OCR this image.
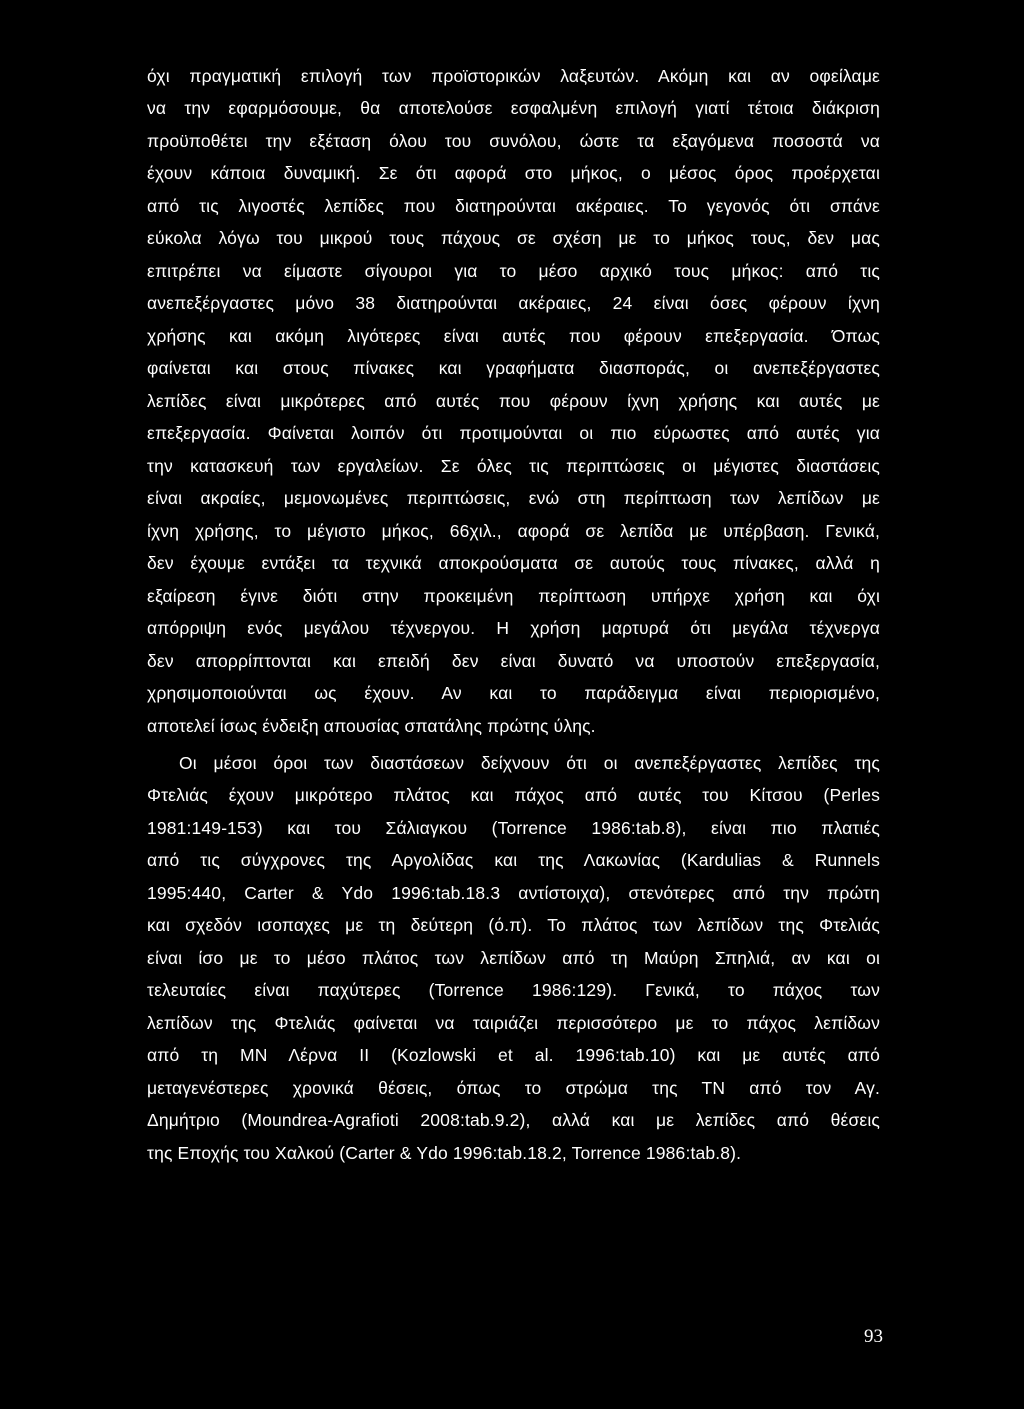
όχι πραγματική επιλογή των προϊστορικών λαξευτών. Ακόμη και αν οφείλαμε
να την εφαρμόσουμε, θα αποτελούσε εσφαλμένη επιλογή γιατί τέτοια διάκριση
προϋποθέτει την εξέταση όλου του συνόλου, ώστε τα εξαγόμενα ποσοστά να
έχουν κάποια δυναμική. Σε ότι αφορά στο μήκος, ο μέσος όρος προέρχεται
από τις λιγοστές λεπίδες που διατηρούνται ακέραιες. Το γεγονός ότι σπάνε
εύκολα λόγω του μικρού τους πάχους σε σχέση με το μήκος τους, δεν μας
επιτρέπει να είμαστε σίγουροι για το μέσο αρχικό τους μήκος: από τις
ανεπεξέργαστες μόνο 38 διατηρούνται ακέραιες, 24 είναι όσες φέρουν ίχνη
χρήσης και ακόμη λιγότερες είναι αυτές που φέρουν επεξεργασία. Όπως
φαίνεται και στους πίνακες και γραφήματα διασποράς, οι ανεπεξέργαστες
λεπίδες είναι μικρότερες από αυτές που φέρουν ίχνη χρήσης και αυτές με
επεξεργασία. Φαίνεται λοιπόν ότι προτιμούνται οι πιο εύρωστες από αυτές για
την κατασκευή των εργαλείων. Σε όλες τις περιπτώσεις οι μέγιστες διαστάσεις
είναι ακραίες, μεμονωμένες περιπτώσεις, ενώ στη περίπτωση των λεπίδων με
ίχνη χρήσης, το μέγιστο μήκος, 66χιλ., αφορά σε λεπίδα με υπέρβαση. Γενικά,
δεν έχουμε εντάξει τα τεχνικά αποκρούσματα σε αυτούς τους πίνακες, αλλά η
εξαίρεση έγινε διότι στην προκειμένη περίπτωση υπήρχε χρήση και όχι
απόρριψη ενός μεγάλου τέχνεργου. Η χρήση μαρτυρά ότι μεγάλα τέχνεργα
δεν απορρίπτονται και επειδή δεν είναι δυνατό να υποστούν επεξεργασία,
χρησιμοποιούνται ως έχουν. Αν και το παράδειγμα είναι περιορισμένο,
αποτελεί ίσως ένδειξη απουσίας σπατάλης πρώτης ύλης.
Οι μέσοι όροι των διαστάσεων δείχνουν ότι οι ανεπεξέργαστες λεπίδες της
Φτελιάς έχουν μικρότερο πλάτος και πάχος από αυτές του Κίτσου (Perles
1981:149-153) και του Σάλιαγκου (Torrence 1986:tab.8), είναι πιο πλατιές
από τις σύγχρονες της Αργολίδας και της Λακωνίας (Kardulias & Runnels
1995:440, Carter & Ydo 1996:tab.18.3 αντίστοιχα), στενότερες από την πρώτη
και σχεδόν ισοπαχες με τη δεύτερη (ό.π). Το πλάτος των λεπίδων της Φτελιάς
είναι ίσο με το μέσο πλάτος των λεπίδων από τη Μαύρη Σπηλιά, αν και οι
τελευταίες είναι παχύτερες (Torrence 1986:129). Γενικά, το πάχος των
λεπίδων της Φτελιάς φαίνεται να ταιριάζει περισσότερο με το πάχος λεπίδων
από τη ΜΝ Λέρνα II (Kozlowski et al. 1996:tab.10) και με αυτές από
μεταγενέστερες χρονικά θέσεις, όπως το στρώμα της ΤΝ από τον Αγ.
Δημήτριο (Moundrea-Agrafioti 2008:tab.9.2), αλλά και με λεπίδες από θέσεις
της Εποχής του Χαλκού (Carter & Ydo 1996:tab.18.2, Torrence 1986:tab.8).
93
